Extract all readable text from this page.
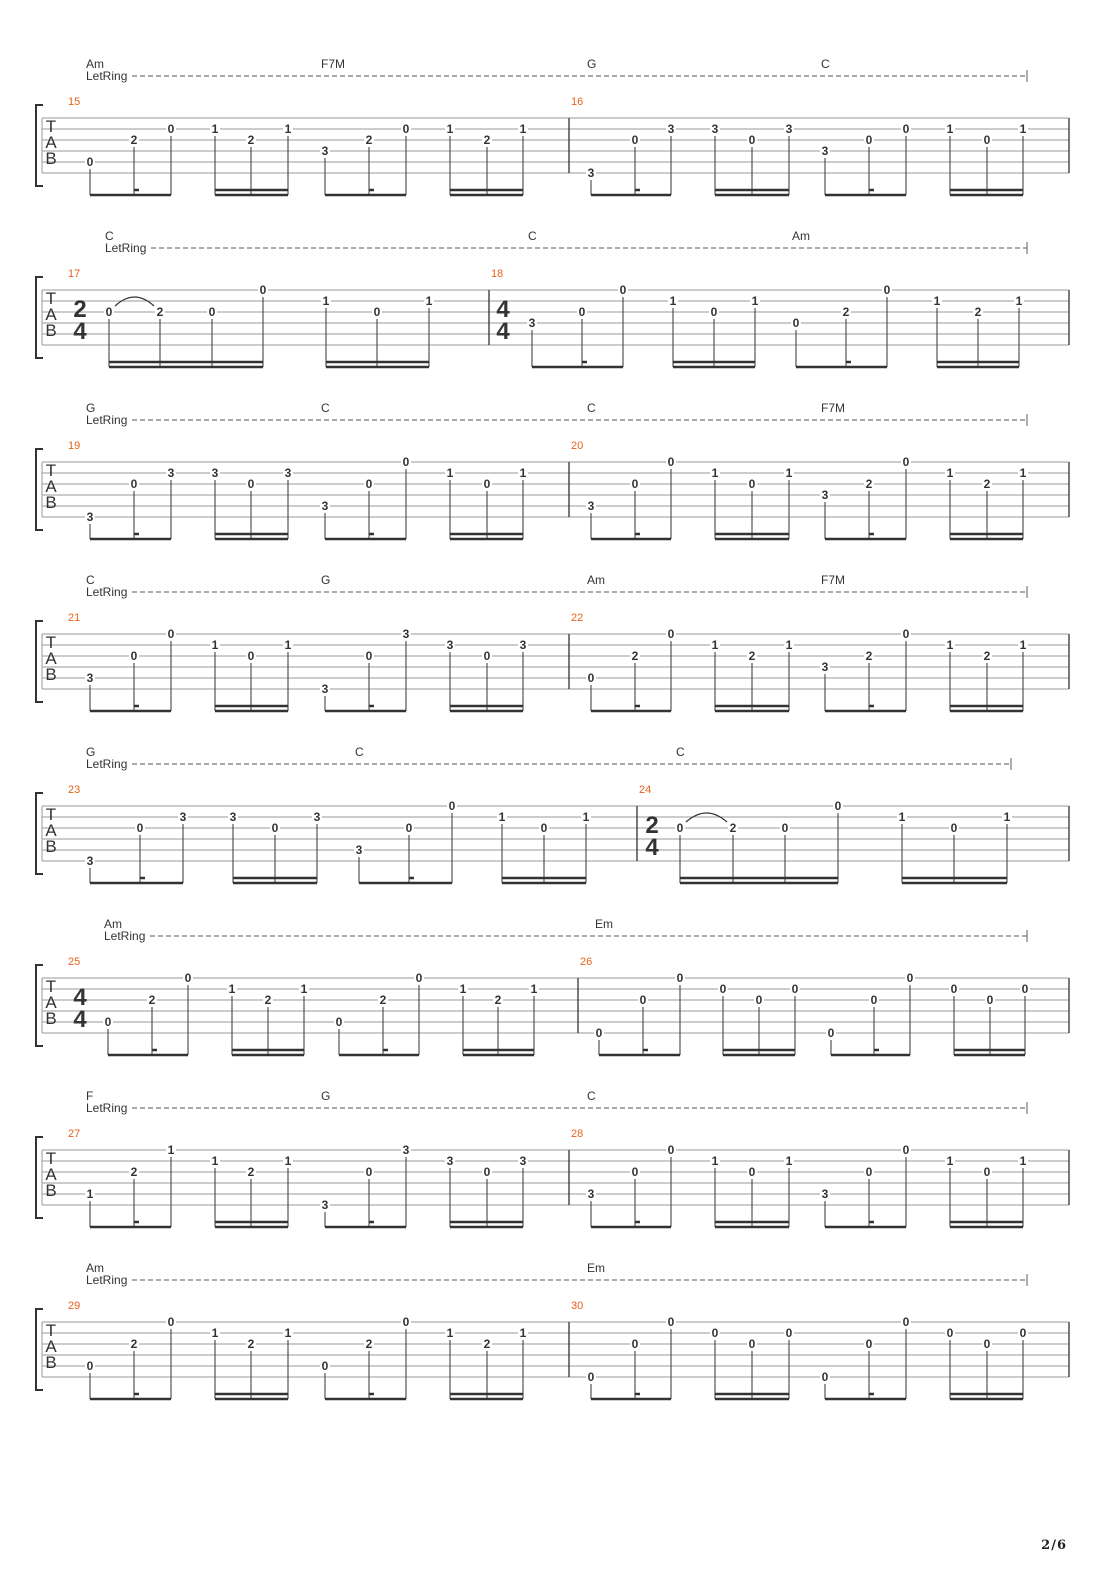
T
A
B
LetRing
Am	F7M	G	C
15
0
2
0	1
2
1
3
2
0	1
2
1
16
3
0
3	3
0
3
3
0
0	1
0
1
T
A
B
LetRing
C	C	Am
17
2
4
0	2	0
0
1
0
1
18
4
4 3
0
0
1
0
1
0
2
0
1
2
1
T
A
B
LetRing
G	C	C	F7M
19
3
0
3	3
0
3
3
0
0
1
0
1
20
3
0
0
1
0
1
3
2
0
1
2
1
T
A
B
LetRing
C	G	Am	F7M
21
3
0
0
1
0
1
3
0
3
3
0
3
22
0
2
0
1
2
1
3
2
0
1
2
1
T
A
B
LetRing
G	C	C
23
3
0
3	3
0
3
3
0
0
1
0
1
24
2
4
0	2	0
0
1
0
1
T
A
B
LetRing
Am	Em
25
4
4 0
2
0
1
2
1
0
2
0
1
2
1
26
0
0
0
0
0
0
0
0
0
0
0
0
T
A
B
LetRing
F	G	C
27
1
2
1
1
2
1
3
0
3
3
0
3
28
3
0
0
1
0
1
3
0
0
1
0
1
T
A
B
LetRing
Am	Em
29
0
2
0
1
2
1
0
2
0
1
2
1
30
0
0
0
0
0
0
0
0
0
0
0
0
2/6
